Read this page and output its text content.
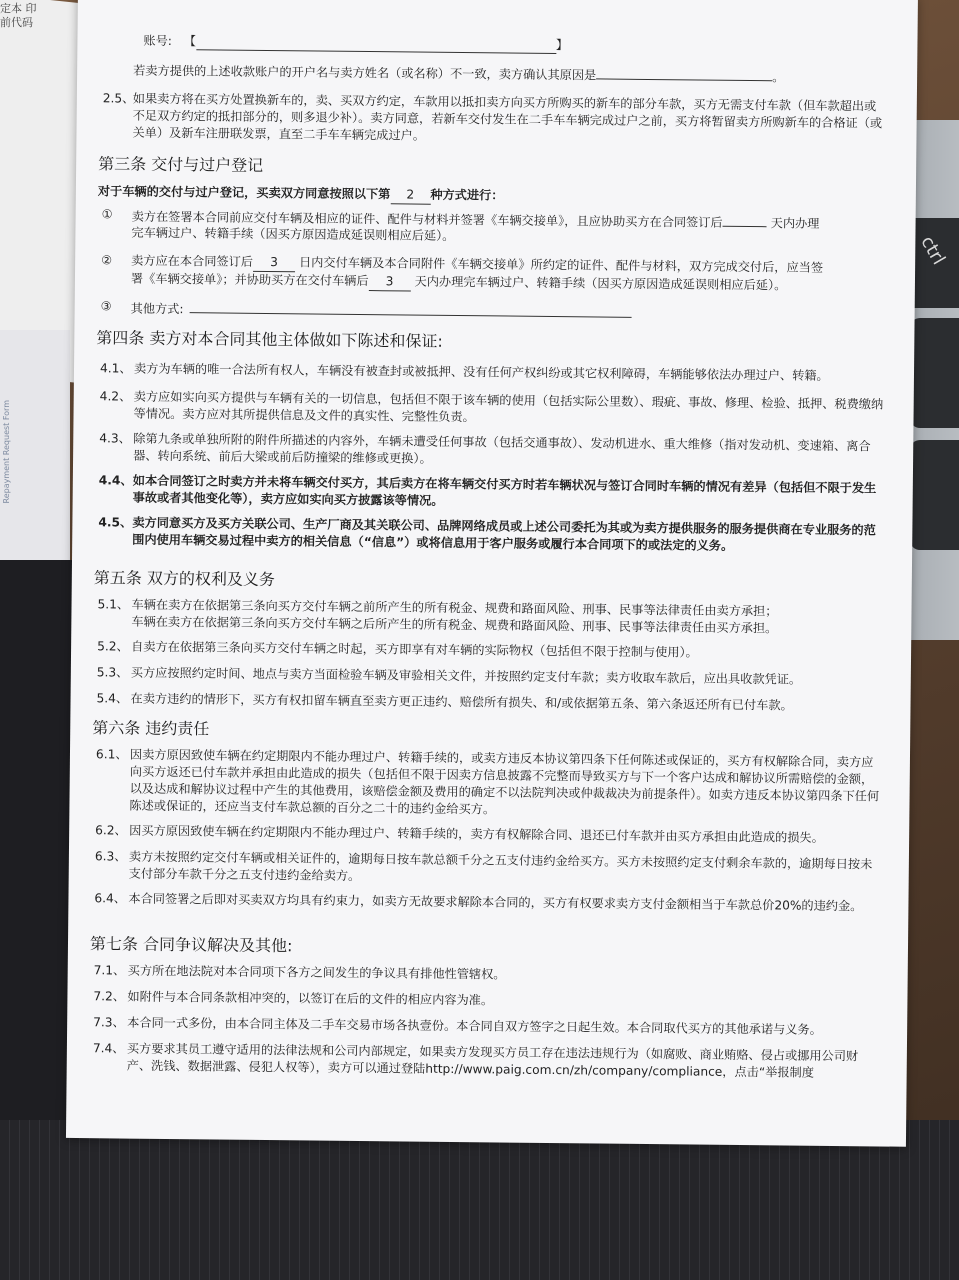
定本 印 前代码
Repayment Request Form
ctrl
账号: 【	】
若卖方提供的上述收款账户的开户名与卖方姓名（或名称）不一致，卖方确认其原因是	。
2.5、
如果卖方将在买方处置换新车的，卖、买双方约定，车款用以抵扣卖方向买方所购买的新车的部分车款，买方无需支付车款（但车款超出或不足双方约定的抵扣部分的，则多退少补）。卖方同意，若新车交付发生在二手车车辆完成过户之前，买方将暂留卖方所购新车的合格证（或关单）及新车注册联发票，直至二手车车辆完成过户。
第三条 交付与过户登记
对于车辆的交付与过户登记，买卖双方同意按照以下第 2 种方式进行：
① 卖方在签署本合同前应交付车辆及相应的证件、配件与材料并签署《车辆交接单》，且应协助买方在合同签订后	天内办理
完车辆过户、转籍手续（因买方原因造成延误则相应后延）。
② 卖方应在本合同签订后 3 日内交付车辆及本合同附件《车辆交接单》所约定的证件、配件与材料，双方完成交付后，应当签
署《车辆交接单》；并协助买方在交付车辆后 3 天内办理完车辆过户、转籍手续（因买方原因造成延误则相应后延）。
③ 其他方式:
第四条 卖方对本合同其他主体做如下陈述和保证:
4.1、 卖方为车辆的唯一合法所有权人，车辆没有被查封或被抵押、没有任何产权纠纷或其它权利障碍，车辆能够依法办理过户、转籍。
4.2、 卖方应如实向买方提供与车辆有关的一切信息，包括但不限于该车辆的使用（包括实际公里数）、瑕疵、事故、修理、检验、抵押、税费缴纳等情况。卖方应对其所提供信息及文件的真实性、完整性负责。
4.3、 除第九条或单独所附的附件所描述的内容外，车辆未遭受任何事故（包括交通事故）、发动机进水、重大维修（指对发动机、变速箱、离合器、转向系统、前后大梁或前后防撞梁的维修或更换）。
4.4、 如本合同签订之时卖方并未将车辆交付买方，其后卖方在将车辆交付买方时若车辆状况与签订合同时车辆的情况有差异（包括但不限于发生事故或者其他变化等），卖方应如实向买方披露该等情况。
4.5、 卖方同意买方及买方关联公司、生产厂商及其关联公司、品牌网络成员或上述公司委托为其或为卖方提供服务的服务提供商在专业服务的范围内使用车辆交易过程中卖方的相关信息（“信息”）或将信息用于客户服务或履行本合同项下的或法定的义务。
第五条 双方的权利及义务
5.1、 车辆在卖方在依据第三条向买方交付车辆之前所产生的所有税金、规费和路面风险、刑事、民事等法律责任由卖方承担；
车辆在卖方在依据第三条向买方交付车辆之后所产生的所有税金、规费和路面风险、刑事、民事等法律责任由买方承担。
5.2、 自卖方在依据第三条向买方交付车辆之时起，买方即享有对车辆的实际物权（包括但不限于控制与使用）。
5.3、 买方应按照约定时间、地点与卖方当面检验车辆及审验相关文件，并按照约定支付车款；卖方收取车款后，应出具收款凭证。
5.4、 在卖方违约的情形下，买方有权扣留车辆直至卖方更正违约、赔偿所有损失、和/或依据第五条、第六条返还所有已付车款。
第六条 违约责任
6.1、 因卖方原因致使车辆在约定期限内不能办理过户、转籍手续的，或卖方违反本协议第四条下任何陈述或保证的，买方有权解除合同，卖方应向买方返还已付车款并承担由此造成的损失（包括但不限于因卖方信息披露不完整而导致买方与下一个客户达成和解协议所需赔偿的金额，以及达成和解协议过程中产生的其他费用，该赔偿金额及费用的确定不以法院判决或仲裁裁决为前提条件）。如卖方违反本协议第四条下任何陈述或保证的，还应当支付车款总额的百分之二十的违约金给买方。
6.2、 因买方原因致使车辆在约定期限内不能办理过户、转籍手续的，卖方有权解除合同、退还已付车款并由买方承担由此造成的损失。
6.3、 卖方未按照约定交付车辆或相关证件的，逾期每日按车款总额千分之五支付违约金给买方。买方未按照约定支付剩余车款的，逾期每日按未支付部分车款千分之五支付违约金给卖方。
6.4、 本合同签署之后即对买卖双方均具有约束力，如卖方无故要求解除本合同的，买方有权要求卖方支付金额相当于车款总价20%的违约金。
第七条 合同争议解决及其他:
7.1、 买方所在地法院对本合同项下各方之间发生的争议具有排他性管辖权。
7.2、 如附件与本合同条款相冲突的，以签订在后的文件的相应内容为准。
7.3、 本合同一式多份，由本合同主体及二手车交易市场各执壹份。本合同自双方签字之日起生效。本合同取代买方的其他承诺与义务。
7.4、 买方要求其员工遵守适用的法律法规和公司内部规定，如果卖方发现买方员工存在违法违规行为（如腐败、商业贿赂、侵占或挪用公司财产、洗钱、数据泄露、侵犯人权等），卖方可以通过登陆http://www.paig.com.cn/zh/company/compliance，点击“举报制度
